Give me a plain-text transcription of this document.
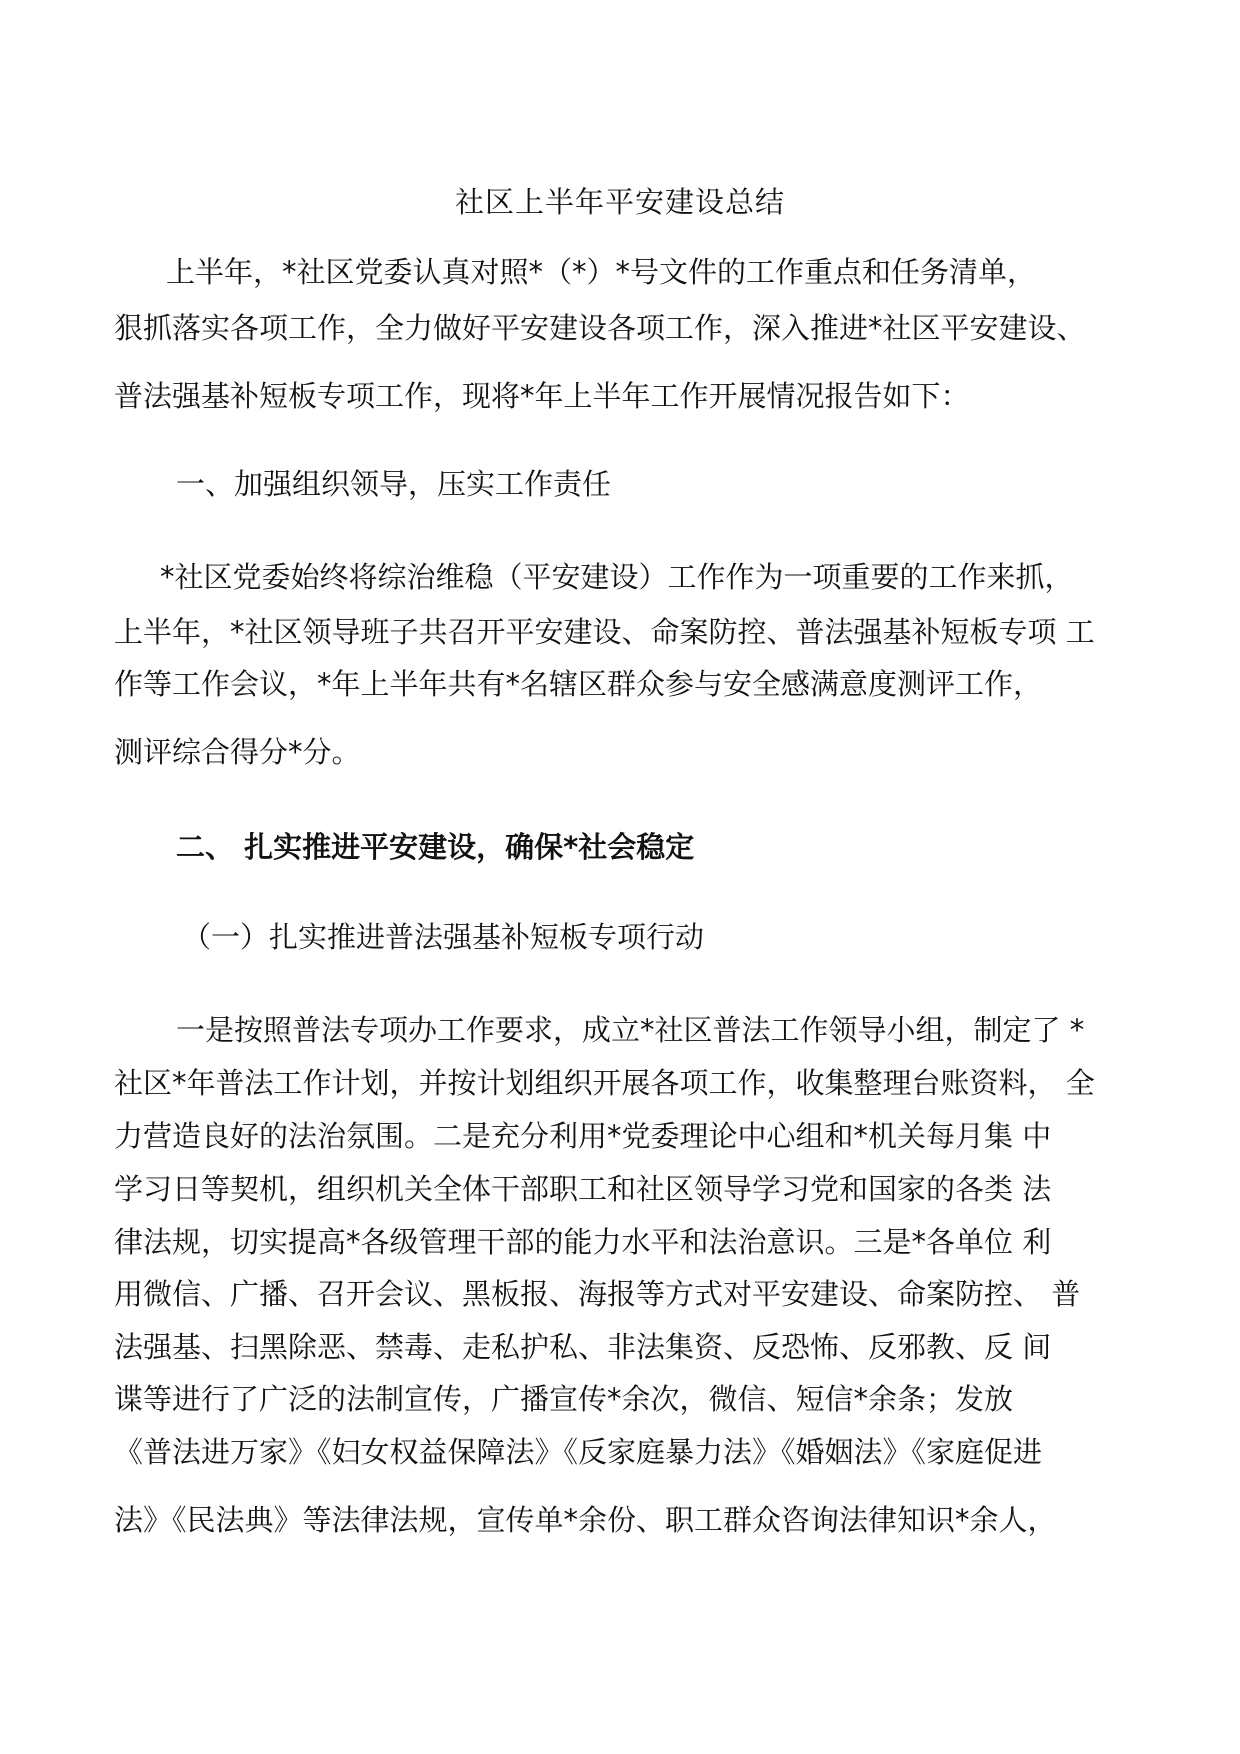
社区上半年平安建设总结
上半年，*社区党委认真对照*（*）*号文件的工作重点和任务清单，
狠抓落实各项工作，全力做好平安建设各项工作，深入推进*社区平安建设、
普法强基补短板专项工作，现将*年上半年工作开展情况报告如下：
一、加强组织领导，压实工作责任
*社区党委始终将综治维稳（平安建设）工作作为一项重要的工作来抓，
上半年，*社区领导班子共召开平安建设、命案防控、普法强基补短板专项 工
作等工作会议，*年上半年共有*名辖区群众参与安全感满意度测评工作，
测评综合得分*分。
二、 扎实推进平安建设，确保*社会稳定
（一）扎实推进普法强基补短板专项行动
一是按照普法专项办工作要求，成立*社区普法工作领导小组，制定了 *
社区*年普法工作计划，并按计划组织开展各项工作，收集整理台账资料， 全
力营造良好的法治氛围。二是充分利用*党委理论中心组和*机关每月集 中
学习日等契机，组织机关全体干部职工和社区领导学习党和国家的各类 法
律法规，切实提高*各级管理干部的能力水平和法治意识。三是*各单位 利
用微信、广播、召开会议、黑板报、海报等方式对平安建设、命案防控、 普
法强基、扫黑除恶、禁毒、走私护私、非法集资、反恐怖、反邪教、反 间
谍等进行了广泛的法制宣传，广播宣传*余次，微信、短信*余条；发放
《普法进万家》《妇女权益保障法》《反家庭暴力法》《婚姻法》《家庭促进
法》《民法典》等法律法规，宣传单*余份、职工群众咨询法律知识*余人，
